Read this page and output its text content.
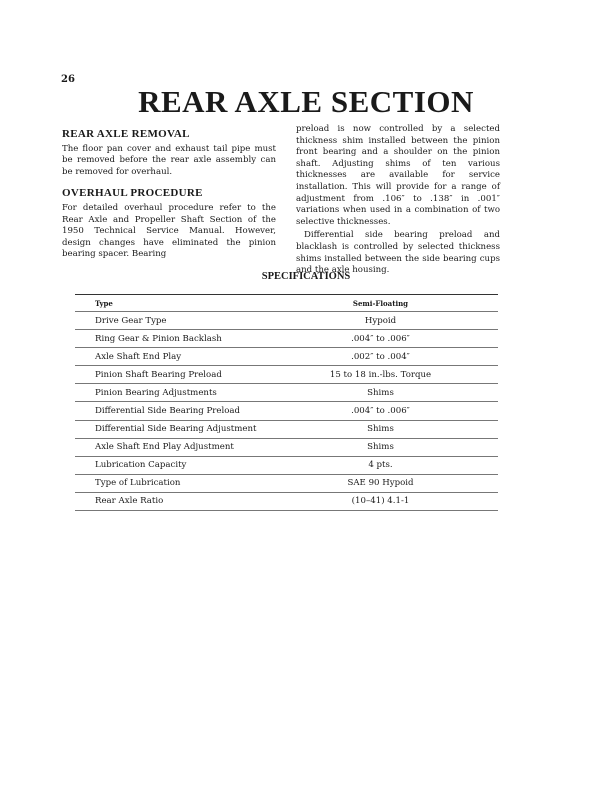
26
REAR AXLE SECTION
REAR AXLE REMOVAL

The floor pan cover and exhaust tail pipe must be removed before the rear axle assembly can be removed for overhaul.

OVERHAUL PROCEDURE

For detailed overhaul procedure refer to the Rear Axle and Propeller Shaft Section of the 1950 Technical Service Manual. However, design changes have eliminated the pinion bearing spacer. Bearing

preload is now controlled by a selected thickness shim installed between the pinion front bearing and a shoulder on the pinion shaft. Adjusting shims of ten various thicknesses are available for service installation. This will provide for a range of adjustment from .106″ to .138″ in .001″ variations when used in a combination of two selective thicknesses.

Differential side bearing preload and blacklash is controlled by selected thickness shims installed between the side bearing cups and the axle housing.

SPECIFICATIONS
Type	Semi-Floating
Drive Gear Type	Hypoid
Ring Gear & Pinion Backlash	.004″ to .006″
Axle Shaft End Play	.002″ to .004″
Pinion Shaft Bearing Preload	15 to 18 in.-lbs. Torque
Pinion Bearing Adjustments	Shims
Differential Side Bearing Preload	.004″ to .006″
Differential Side Bearing Adjustment	Shims
Axle Shaft End Play Adjustment	Shims
Lubrication Capacity	4 pts.
Type of Lubrication	SAE 90 Hypoid
Rear Axle Ratio	(10–41) 4.1-1
